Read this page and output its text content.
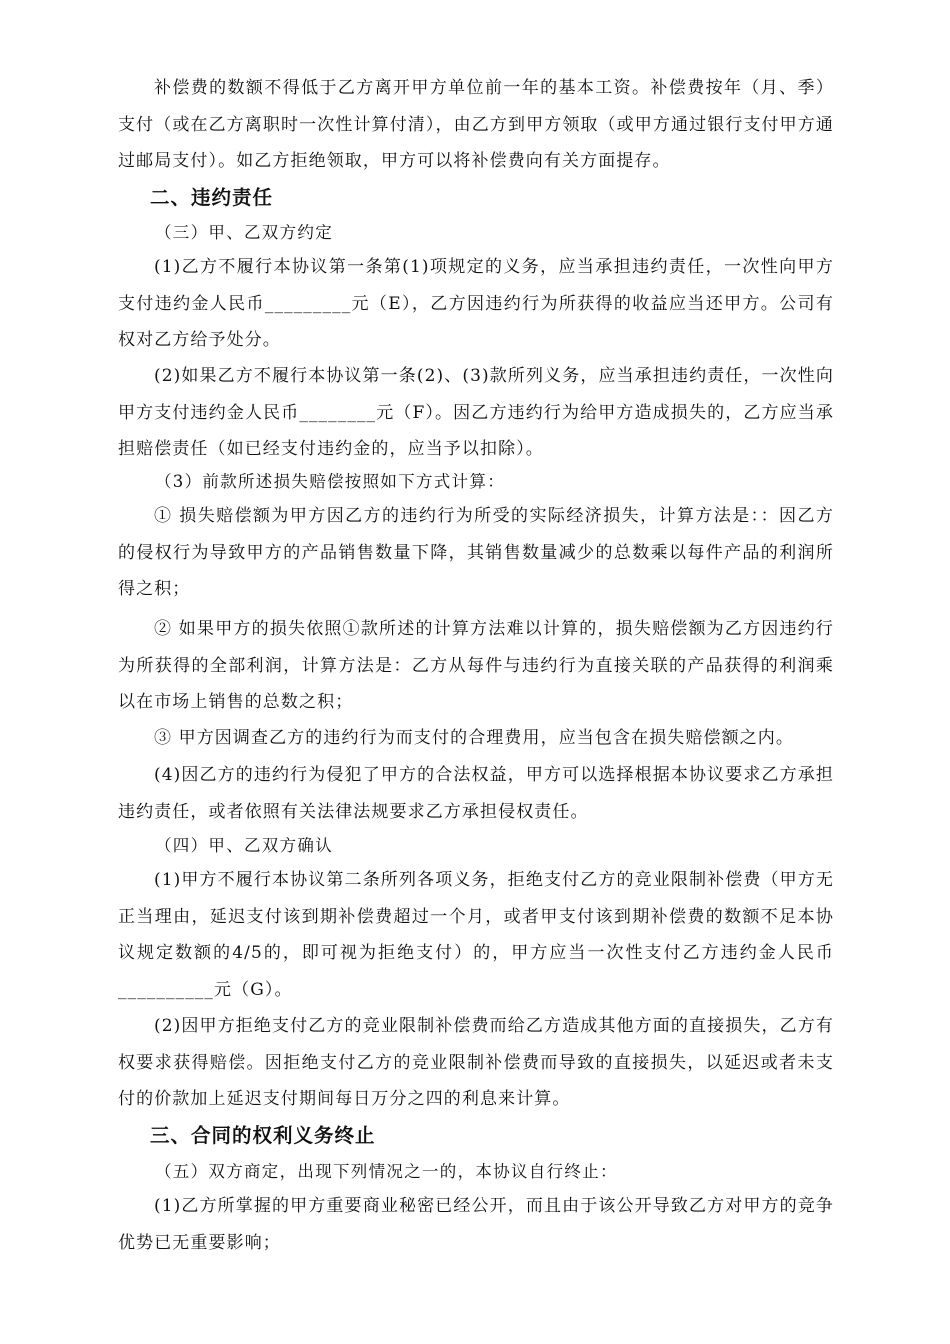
补偿费的数额不得低于乙方离开甲方单位前一年的基本工资。补偿费按年（月、季）支付（或在乙方离职时一次性计算付清），由乙方到甲方领取（或甲方通过银行支付甲方通过邮局支付）。如乙方拒绝领取，甲方可以将补偿费向有关方面提存。
二、违约责任
（三）甲、乙双方约定
(1)乙方不履行本协议第一条第(1)项规定的义务，应当承担违约责任，一次性向甲方支付违约金人民币_________元（E），乙方因违约行为所获得的收益应当还甲方。公司有权对乙方给予处分。
(2)如果乙方不履行本协议第一条(2)、(3)款所列义务，应当承担违约责任，一次性向甲方支付违约金人民币________元（F）。因乙方违约行为给甲方造成损失的，乙方应当承担赔偿责任（如已经支付违约金的，应当予以扣除）。
（3）前款所述损失赔偿按照如下方式计算：
① 损失赔偿额为甲方因乙方的违约行为所受的实际经济损失，计算方法是：：因乙方的侵权行为导致甲方的产品销售数量下降，其销售数量减少的总数乘以每件产品的利润所得之积；
② 如果甲方的损失依照①款所述的计算方法难以计算的，损失赔偿额为乙方因违约行为所获得的全部利润，计算方法是：乙方从每件与违约行为直接关联的产品获得的利润乘以在市场上销售的总数之积；
③ 甲方因调查乙方的违约行为而支付的合理费用，应当包含在损失赔偿额之内。
(4)因乙方的违约行为侵犯了甲方的合法权益，甲方可以选择根据本协议要求乙方承担违约责任，或者依照有关法律法规要求乙方承担侵权责任。
（四）甲、乙双方确认
(1)甲方不履行本协议第二条所列各项义务，拒绝支付乙方的竞业限制补偿费（甲方无正当理由，延迟支付该到期补偿费超过一个月，或者甲支付该到期补偿费的数额不足本协议规定数额的4/5的，即可视为拒绝支付）的，甲方应当一次性支付乙方违约金人民币__________元（G）。
(2)因甲方拒绝支付乙方的竞业限制补偿费而给乙方造成其他方面的直接损失，乙方有权要求获得赔偿。因拒绝支付乙方的竞业限制补偿费而导致的直接损失，以延迟或者未支付的价款加上延迟支付期间每日万分之四的利息来计算。
三、合同的权利义务终止
（五）双方商定，出现下列情况之一的，本协议自行终止：
(1)乙方所掌握的甲方重要商业秘密已经公开，而且由于该公开导致乙方对甲方的竞争优势已无重要影响；
